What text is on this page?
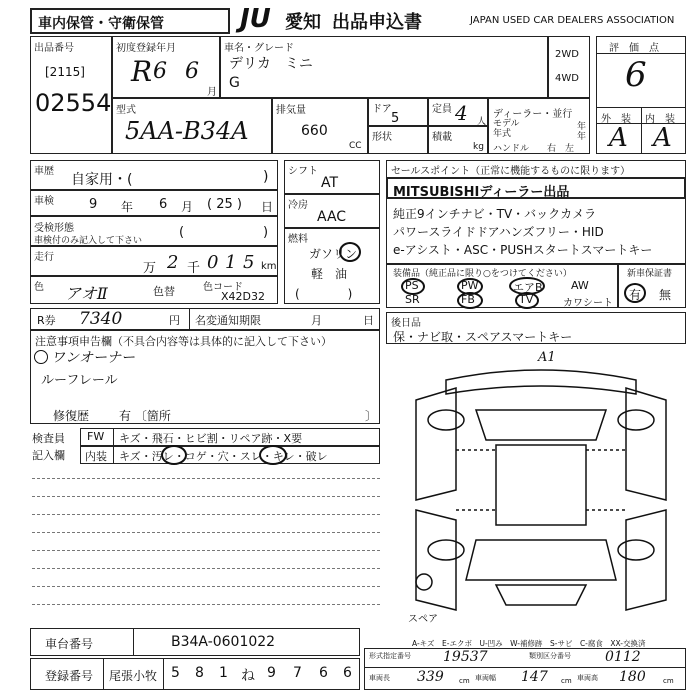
車内保管・守衛保管	JU 愛知 出品申込書	JAPAN USED CAR DEALERS ASSOCIATION
出品番号
[2115]
02554
初度登録年月
R 6 6
月
車名・グレード
デリカ　ミニ
G
2WD
4WD
評　価　点
6
外　装 内　装
A A
型式
5AA-B34A
排気量
660
CC
ドア
5
定員 4 人
形状	積載
kg
ディーラー・並行
モデル
年式
年
年
ハンドル 右　左
車歴
自家用・(	)
車検	9 年 6 月 ( 25 ) 日
受検形態
車検付のみ記入して下さい
(	)
走行
万 2 千 0 1 5 km
色 アオⅡ	色替	色コード
X42D32
シフト
AT
冷房
AAC
燃料
ガソリン
軽　油
(　　　　)
セールスポイント（正常に機能するものに限ります）
MITSUBISHIディーラー出品
純正9インチナビ・TV・バックカメラ
パワースライドドアハンズフリー・HID
e-アシスト・ASC・PUSHスタートスマートキー
装備品（純正品に限り○をつけてください）
PS	PW	エアB	AW
SR	FB	TV	カワシート
新車保証書
有 無
R券 7340	円 名変通知期限	月	日 後日品
保・ナビ取・スペアスマートキー
注意事項申告欄（不具合内容等は具体的に記入して下さい）
ワンオーナー
ルーフレール
修復歴 有 〔箇所	〕
検査員
記入欄
FW キズ・飛石・ヒビ割・リペア跡・X要
内装 キズ・汚レ・コゲ・穴・スレ・キレ・破レ
A1
スペア
A-キズ　E-エクボ　U-凹み　W-補修跡　S-サビ　C-腐食　XX-交換済
車台番号	B34A-0601022
登録番号 尾張小牧 5 8 1 ね 9 7 6 6
形式指定番号 19537	類別区分番号 0112
車両長 339 cm 車両幅 147 cm 車両高 180 cm
